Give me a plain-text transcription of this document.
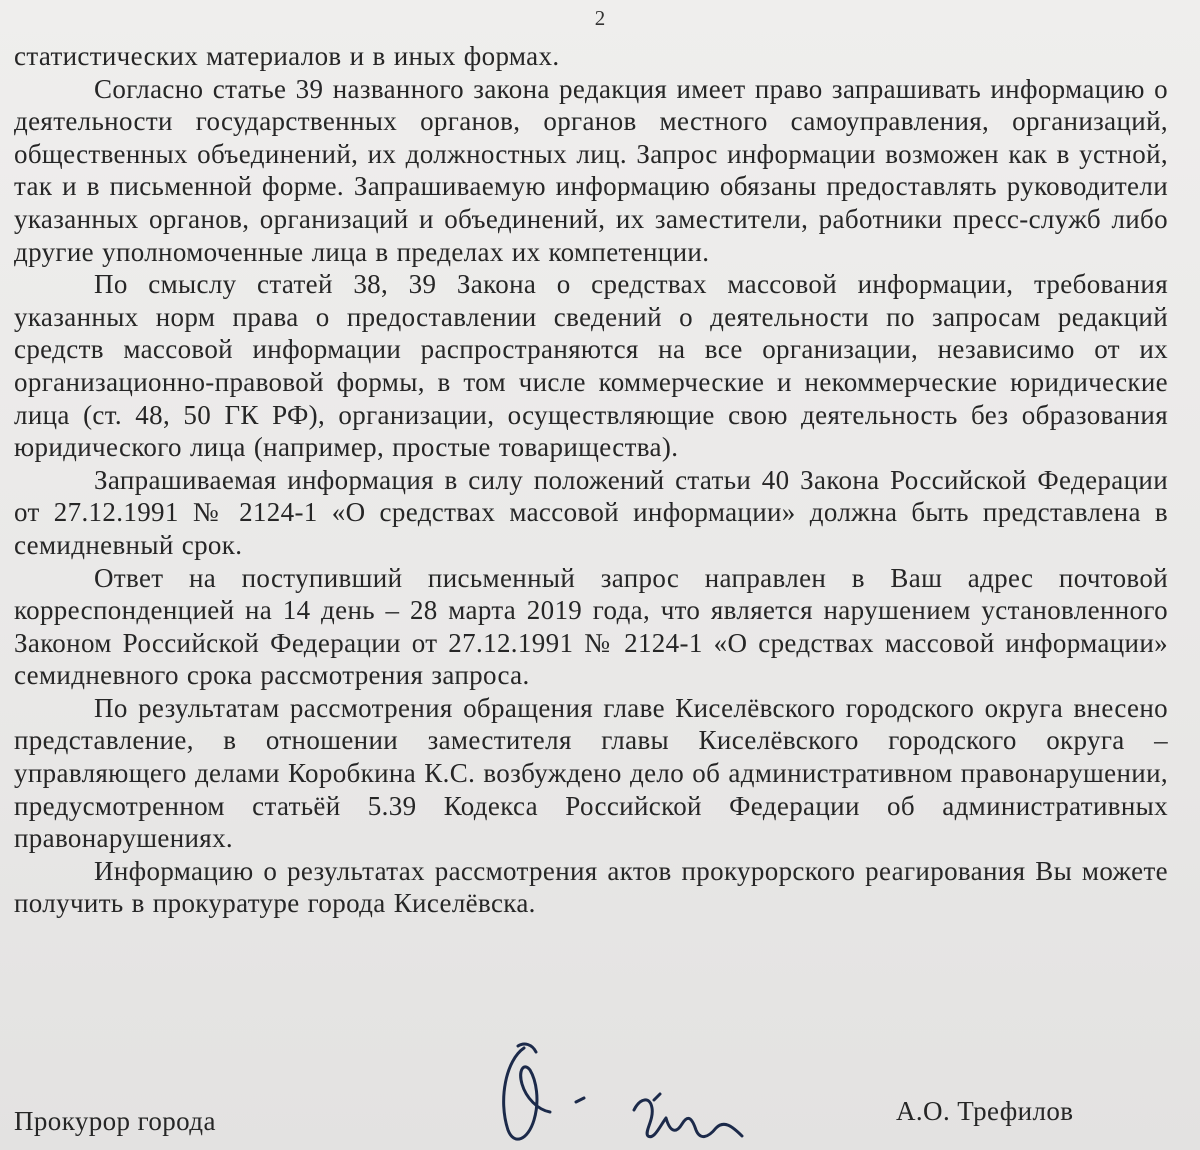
2

статистических материалов и в иных формах.

Согласно статье 39 названного закона редакция имеет право запрашивать информацию о деятельности государственных органов, органов местного самоуправления, организаций, общественных объединений, их должностных лиц. Запрос информации возможен как в устной, так и в письменной форме. Запрашиваемую информацию обязаны предоставлять руководители указанных органов, организаций и объединений, их заместители, работники пресс-служб либо другие уполномоченные лица в пределах их компетенции.

По смыслу статей 38, 39 Закона о средствах массовой информации, требования указанных норм права о предоставлении сведений о деятельности по запросам редакций средств массовой информации распространяются на все организации, независимо от их организационно-правовой формы, в том числе коммерческие и некоммерческие юридические лица (ст. 48, 50 ГК РФ), организации, осуществляющие свою деятельность без образования юридического лица (например, простые товарищества).

Запрашиваемая информация в силу положений статьи 40 Закона Российской Федерации от 27.12.1991 № 2124-1 «О средствах массовой информации» должна быть представлена в семидневный срок.

Ответ на поступивший письменный запрос направлен в Ваш адрес почтовой корреспонденцией на 14 день – 28 марта 2019 года, что является нарушением установленного Законом Российской Федерации от 27.12.1991 № 2124-1 «О средствах массовой информации» семидневного срока рассмотрения запроса.

По результатам рассмотрения обращения главе Киселёвского городского округа внесено представление, в отношении заместителя главы Киселёвского городского округа – управляющего делами Коробкина К.С. возбуждено дело об административном правонарушении, предусмотренном статьёй 5.39 Кодекса Российской Федерации об административных правонарушениях.

Информацию о результатах рассмотрения актов прокурорского реагирования Вы можете получить в прокуратуре города Киселёвска.

Прокурор города	А.О. Трефилов
